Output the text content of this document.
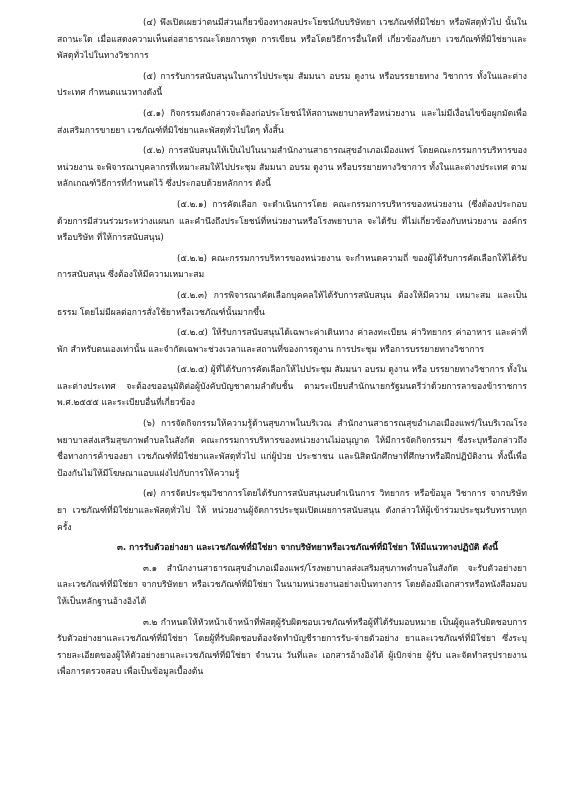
(๔) พึงเปิดเผยว่าตนมีส่วนเกี่ยวข้องทางผลประโยชน์กับบริษัทยา เวชภัณฑ์ที่มิใช่ยา หรือพัสดุทั่วไป นั้นในสถานะใด เมื่อแสดงความเห็นต่อสาธารณะโดยการพูด การเขียน หรือโดยวิธีการอื่นใดที่ เกี่ยวข้องกับยา เวชภัณฑ์ที่มิใช่ยาและพัสดุทั่วไปในทางวิชาการ

(๕) การรับการสนับสนุนในการไปประชุม สัมมนา อบรม ดูงาน หรือบรรยายทาง วิชาการ ทั้งในและต่างประเทศ กำหนดแนวทางดังนี้

(๕.๑) กิจกรรมดังกล่าวจะต้องก่อประโยชน์ให้สถานพยาบาลหรือหน่วยงาน และไม่มีเงื่อนไขข้อผูกมัดเพื่อส่งเสริมการขายยา เวชภัณฑ์ที่มิใช่ยาและพัสดุทั่วไปใดๆ ทั้งสิ้น

(๕.๒) การสนับสนุนให้เป็นไปในนามสำนักงานสาธารณสุขอำเภอเมืองแพร่ โดยคณะกรรมการบริหารของหน่วยงาน จะพิจารณาบุคลากรที่เหมาะสมให้ไปประชุม สัมมนา อบรม ดูงาน หรือบรรยายทางวิชาการ ทั้งในและต่างประเทศ ตามหลักเกณฑ์วิธีการที่กำหนดไว้ ซึ่งประกอบด้วยหลักการ ดังนี้

(๕.๒.๑) การคัดเลือก จะดำเนินการโดย คณะกรรมการบริหารของหน่วยงาน (ซึ่งต้องประกอบด้วยการมีส่วนร่วมระหว่างแผนก และคำนึงถึงประโยชน์ที่หน่วยงานหรือโรงพยาบาล จะได้รับ ที่ไม่เกี่ยวข้องกับหน่วยงาน องค์กร หรือบริษัท ที่ให้การสนับสนุน)

(๕.๒.๒) คณะกรรมการบริหารของหน่วยงาน จะกำหนดความถี่ ของผู้ได้รับการคัดเลือกให้ได้รับการสนับสนุน ซึ่งต้องให้มีความเหมาะสม

(๕.๒.๓) การพิจารณาคัดเลือกบุคคลให้ได้รับการสนับสนุน ต้องให้มีความ เหมาะสม และเป็นธรรม โดยไม่มีผลต่อการสั่งใช้ยาหรือเวชภัณฑ์นั้นมากขึ้น

(๕.๒.๔) ให้รับการสนับสนุนได้เฉพาะค่าเดินทาง ค่าลงทะเบียน ค่าวิทยากร ค่าอาหาร และค่าที่พัก สำหรับตนเองเท่านั้น และจำกัดเฉพาะช่วงเวลาและสถานที่ของการดูงาน การประชุม หรือการบรรยายทางวิชาการ

(๕.๒.๕) ผู้ที่ได้รับการคัดเลือกให้ไปประชุม สัมมนา อบรม ดูงาน หรือ บรรยายทางวิชาการ ทั้งในและต่างประเทศ จะต้องขออนุมัติต่อผู้บังคับบัญชาตามลำดับชั้น ตามระเบียบสำนักนายกรัฐมนตรีว่าด้วยการลาของข้าราชการ พ.ศ.๒๕๕๕ และระเบียบอื่นที่เกี่ยวข้อง

(๖) การจัดกิจกรรมให้ความรู้ด้านสุขภาพในบริเวณ สำนักงานสาธารณสุขอำเภอเมืองแพร่/ในบริเวณโรงพยาบาลส่งเสริมสุขภาพตำบลในสังกัด คณะกรรมการบริหารของหน่วยงานไม่อนุญาต ให้มีการจัดกิจกรรมฯ ซึ่งระบุหรือกล่าวถึงชื่อทางการค้าของยา เวชภัณฑ์ที่มิใช่ยาและพัสดุทั่วไป แก่ผู้ป่วย ประชาชน และนิสิตนักศึกษาที่ศึกษาหรือฝึกปฏิบัติงาน ทั้งนี้เพื่อป้องกันไม่ให้มีโฆษณาแอบแฝงไปกับการให้ความรู้

(๗) การจัดประชุมวิชาการโดยได้รับการสนับสนุนงบดำเนินการ วิทยากร หรือข้อมูล วิชาการ จากบริษัทยา เวชภัณฑ์ที่มิใช่ยาและพัสดุทั่วไป ให้ หน่วยงานผู้จัดการประชุมเปิดเผยการสนับสนุน ดังกล่าวให้ผู้เข้าร่วมประชุมรับทราบทุกครั้ง

๓. การรับตัวอย่างยา และเวชภัณฑ์ที่มิใช่ยา จากบริษัทยาหรือเวชภัณฑ์ที่มิใช่ยา ให้มีแนวทางปฏิบัติ ดังนี้

๓.๑ สำนักงานสาธารณสุขอำเภอเมืองแพร่/โรงพยาบาลส่งเสริมสุขภาพตำบลในสังกัด จะรับตัวอย่างยาและเวชภัณฑ์ที่มิใช่ยา จากบริษัทยา หรือเวชภัณฑ์ที่มิใช่ยา ในนามหน่วยงานอย่างเป็นทางการ โดยต้องมีเอกสารหรือหนังสือมอบให้เป็นหลักฐานอ้างอิงได้

๓.๒ กำหนดให้หัวหน้าเจ้าหน้าที่พัสดุผู้รับผิดชอบเวชภัณฑ์หรือผู้ที่ได้รับมอบหมาย เป็นผู้ดูแลรับผิดชอบการรับตัวอย่างยาและเวชภัณฑ์ที่มิใช่ยา โดยผู้ที่รับผิดชอบต้องจัดทำบัญชีรายการรับ-จ่ายตัวอย่าง ยาและเวชภัณฑ์ที่มิใช่ยา ซึ่งระบุรายละเอียดของผู้ให้ตัวอย่างยาและเวชภัณฑ์ที่มิใช่ยา จำนวน วันที่และ เอกสารอ้างอิงได้ ผู้เบิกจ่าย ผู้รับ และจัดทำสรุปรายงานเพื่อการตรวจสอบ เพื่อเป็นข้อมูลเบื้องต้น
